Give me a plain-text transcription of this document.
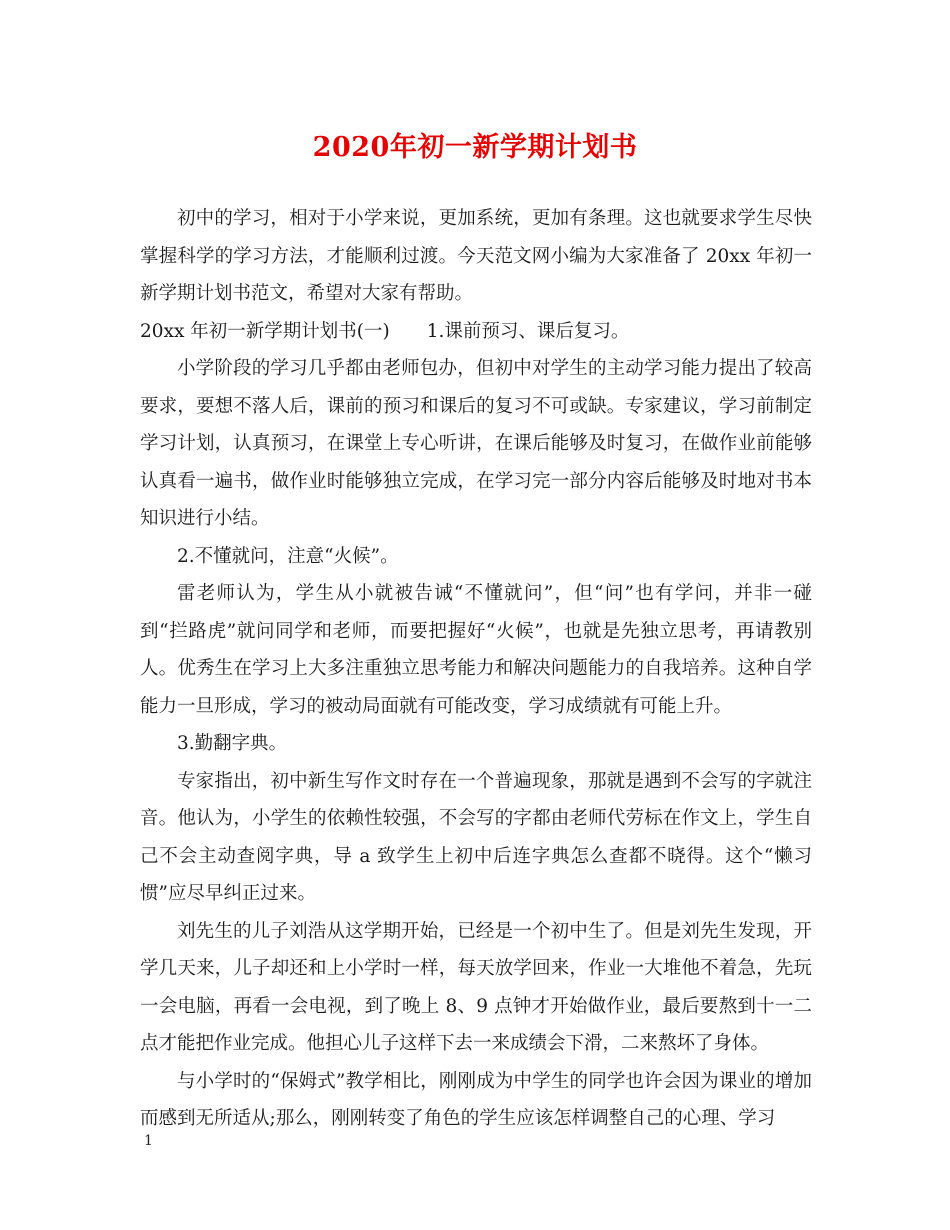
2020年初一新学期计划书

初中的学习，相对于小学来说，更加系统，更加有条理。这也就要求学生尽快掌握科学的学习方法，才能顺利过渡。今天范文网小编为大家准备了 20xx 年初一新学期计划书范文，希望对大家有帮助。

20xx 年初一新学期计划书(一)　　1.课前预习、课后复习。

小学阶段的学习几乎都由老师包办，但初中对学生的主动学习能力提出了较高要求，要想不落人后，课前的预习和课后的复习不可或缺。专家建议，学习前制定学习计划，认真预习，在课堂上专心听讲，在课后能够及时复习，在做作业前能够认真看一遍书，做作业时能够独立完成，在学习完一部分内容后能够及时地对书本知识进行小结。

2.不懂就问，注意“火候”。

雷老师认为，学生从小就被告诫“不懂就问”，但“问”也有学问，并非一碰到“拦路虎”就问同学和老师，而要把握好“火候”，也就是先独立思考，再请教别人。优秀生在学习上大多注重独立思考能力和解决问题能力的自我培养。这种自学能力一旦形成，学习的被动局面就有可能改变，学习成绩就有可能上升。

3.勤翻字典。

专家指出，初中新生写作文时存在一个普遍现象，那就是遇到不会写的字就注音。他认为，小学生的依赖性较强，不会写的字都由老师代劳标在作文上，学生自己不会主动查阅字典，导 a 致学生上初中后连字典怎么查都不晓得。这个“懒习惯”应尽早纠正过来。

刘先生的儿子刘浩从这学期开始，已经是一个初中生了。但是刘先生发现，开学几天来，儿子却还和上小学时一样，每天放学回来，作业一大堆他不着急，先玩一会电脑，再看一会电视，到了晚上 8、9 点钟才开始做作业，最后要熬到十一二点才能把作业完成。他担心儿子这样下去一来成绩会下滑，二来熬坏了身体。

与小学时的“保姆式”教学相比，刚刚成为中学生的同学也许会因为课业的增加而感到无所适从;那么，刚刚转变了角色的学生应该怎样调整自己的心理、学习

1
